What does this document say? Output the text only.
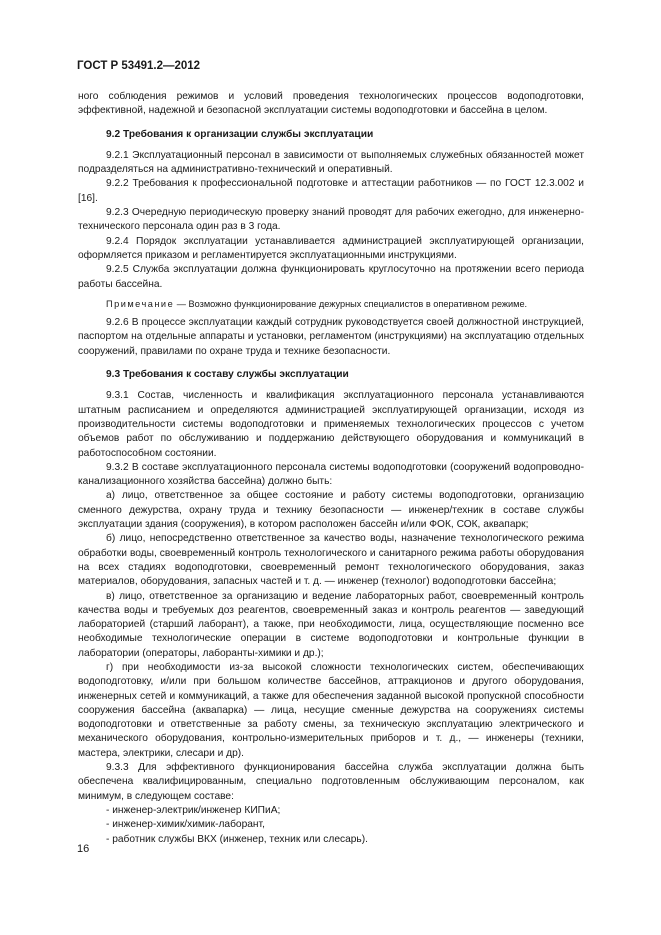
ГОСТ Р 53491.2—2012

ного соблюдения режимов и условий проведения технологических процессов водоподготовки, эффективной, надежной и безопасной эксплуатации системы водоподготовки и бассейна в целом.

9.2 Требования к организации службы эксплуатации

9.2.1 Эксплуатационный персонал в зависимости от выполняемых служебных обязанностей может подразделяться на административно-технический и оперативный.

9.2.2 Требования к профессиональной подготовке и аттестации работников — по ГОСТ 12.3.002 и [16].

9.2.3 Очередную периодическую проверку знаний проводят для рабочих ежегодно, для инженерно-технического персонала один раз в 3 года.

9.2.4 Порядок эксплуатации устанавливается администрацией эксплуатирующей организации, оформляется приказом и регламентируется эксплуатационными инструкциями.

9.2.5 Служба эксплуатации должна функционировать круглосуточно на протяжении всего периода работы бассейна.

Примечание — Возможно функционирование дежурных специалистов в оперативном режиме.

9.2.6 В процессе эксплуатации каждый сотрудник руководствуется своей должностной инструкцией, паспортом на отдельные аппараты и установки, регламентом (инструкциями) на эксплуатацию отдельных сооружений, правилами по охране труда и технике безопасности.

9.3 Требования к составу службы эксплуатации

9.3.1 Состав, численность и квалификация эксплуатационного персонала устанавливаются штатным расписанием и определяются администрацией эксплуатирующей организации, исходя из производительности системы водоподготовки и применяемых технологических процессов с учетом объемов работ по обслуживанию и поддержанию действующего оборудования и коммуникаций в работоспособном состоянии.

9.3.2 В составе эксплуатационного персонала системы водоподготовки (сооружений водопроводно-канализационного хозяйства бассейна) должно быть:

а) лицо, ответственное за общее состояние и работу системы водоподготовки, организацию сменного дежурства, охрану труда и технику безопасности — инженер/техник в составе службы эксплуатации здания (сооружения), в котором расположен бассейн и/или ФОК, СОК, аквапарк;

б) лицо, непосредственно ответственное за качество воды, назначение технологического режима обработки воды, своевременный контроль технологического и санитарного режима работы оборудования на всех стадиях водоподготовки, своевременный ремонт технологического оборудования, заказ материалов, оборудования, запасных частей и т. д. — инженер (технолог) водоподготовки бассейна;

в) лицо, ответственное за организацию и ведение лабораторных работ, своевременный контроль качества воды и требуемых доз реагентов, своевременный заказ и контроль реагентов — заведующий лабораторией (старший лаборант), а также, при необходимости, лица, осуществляющие посменно все необходимые технологические операции в системе водоподготовки и контрольные функции в лаборатории (операторы, лаборанты-химики и др.);

г) при необходимости из-за высокой сложности технологических систем, обеспечивающих водоподготовку, и/или при большом количестве бассейнов, аттракционов и другого оборудования, инженерных сетей и коммуникаций, а также для обеспечения заданной высокой пропускной способности сооружения бассейна (аквапарка) — лица, несущие сменные дежурства на сооружениях системы водоподготовки и ответственные за работу смены, за техническую эксплуатацию электрического и механического оборудования, контрольно-измерительных приборов и т. д., — инженеры (техники, мастера, электрики, слесари и др).

9.3.3 Для эффективного функционирования бассейна служба эксплуатации должна быть обеспечена квалифицированным, специально подготовленным обслуживающим персоналом, как минимум, в следующем составе:

- инженер-электрик/инженер КИПиА;

- инженер-химик/химик-лаборант,

- работник службы ВКХ (инженер, техник или слесарь).

16
